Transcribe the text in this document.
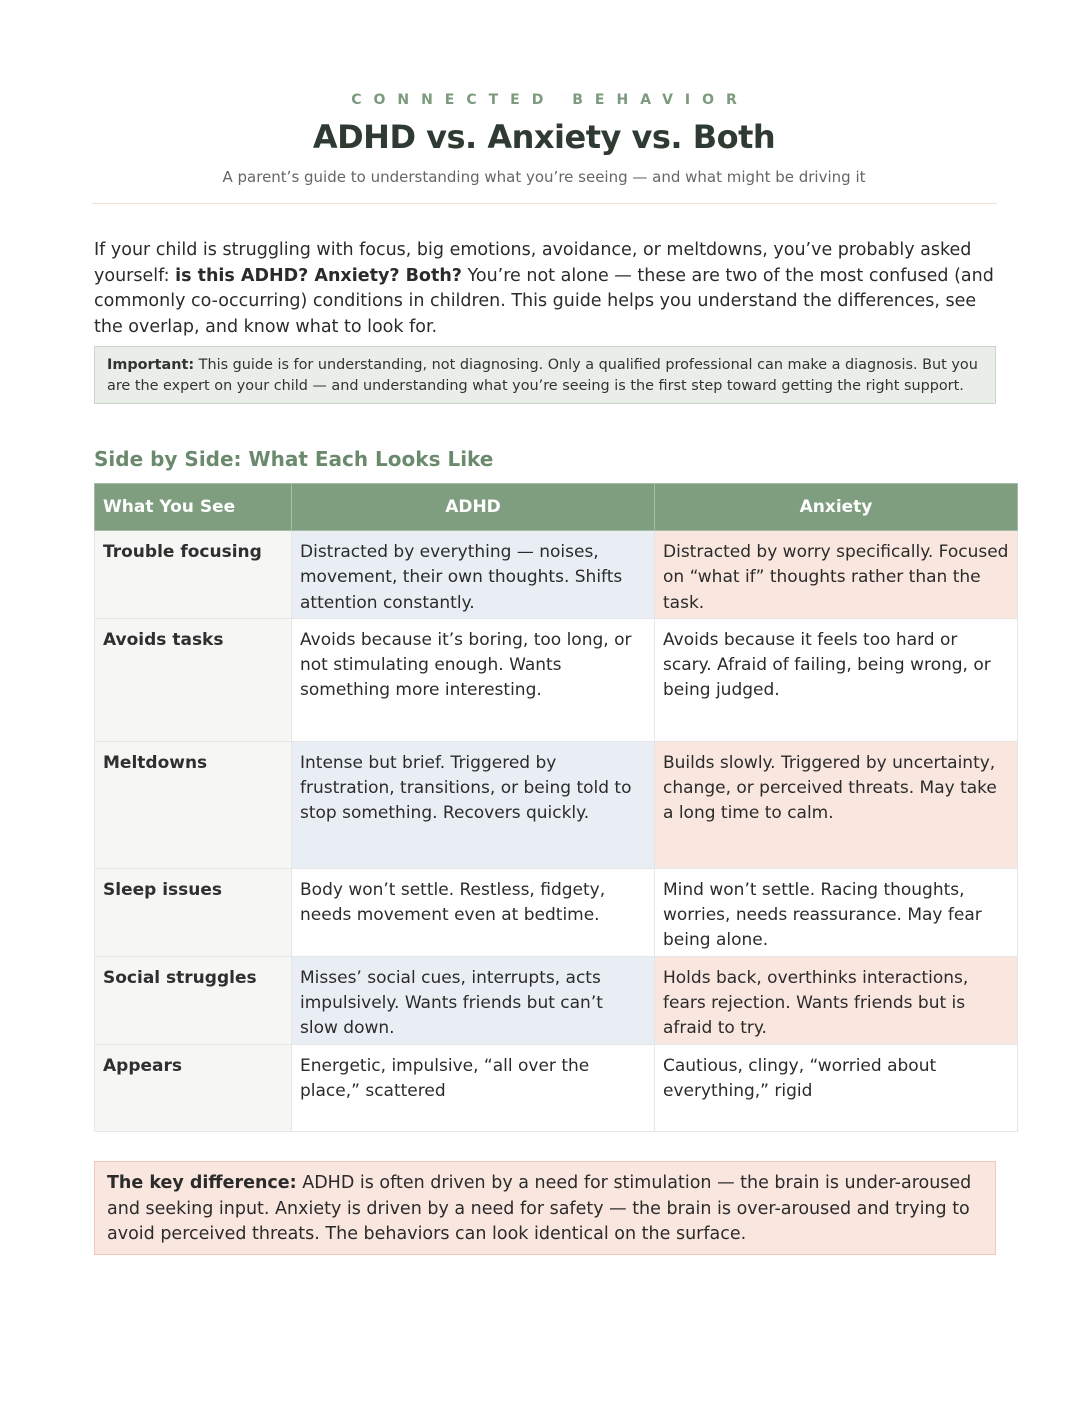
CONNECTED BEHAVIOR
ADHD vs. Anxiety vs. Both
A parent’s guide to understanding what you’re seeing — and what might be driving it

If your child is struggling with focus, big emotions, avoidance, or meltdowns, you’ve probably asked yourself: is this ADHD? Anxiety? Both? You’re not alone — these are two of the most confused (and commonly co-occurring) conditions in children. This guide helps you understand the differences, see the overlap, and know what to look for.

Important: This guide is for understanding, not diagnosing. Only a qualified professional can make a diagnosis. But you are the expert on your child — and understanding what you’re seeing is the first step toward getting the right support.
Side by Side: What Each Looks Like
What You See	ADHD	Anxiety
Trouble focusing	Distracted by everything — noises, movement, their own thoughts. Shifts attention constantly.	Distracted by worry specifically. Focused on “what if” thoughts rather than the task.
Avoids tasks	Avoids because it’s boring, too long, or not stimulating enough. Wants something more interesting.	Avoids because it feels too hard or scary. Afraid of failing, being wrong, or being judged.
Meltdowns	Intense but brief. Triggered by frustration, transitions, or being told to stop something. Recovers quickly.	Builds slowly. Triggered by uncertainty, change, or perceived threats. May take a long time to calm.
Sleep issues	Body won’t settle. Restless, fidgety, needs movement even at bedtime.	Mind won’t settle. Racing thoughts, worries, needs reassurance. May fear being alone.
Social struggles	Misses’ social cues, interrupts, acts impulsively. Wants friends but can’t slow down.	Holds back, overthinks interactions, fears rejection. Wants friends but is afraid to try.
Appears	Energetic, impulsive, “all over the place,” scattered	Cautious, clingy, “worried about everything,” rigid
The key difference: ADHD is often driven by a need for stimulation — the brain is under-aroused and seeking input. Anxiety is driven by a need for safety — the brain is over-aroused and trying to avoid perceived threats. The behaviors can look identical on the surface.
